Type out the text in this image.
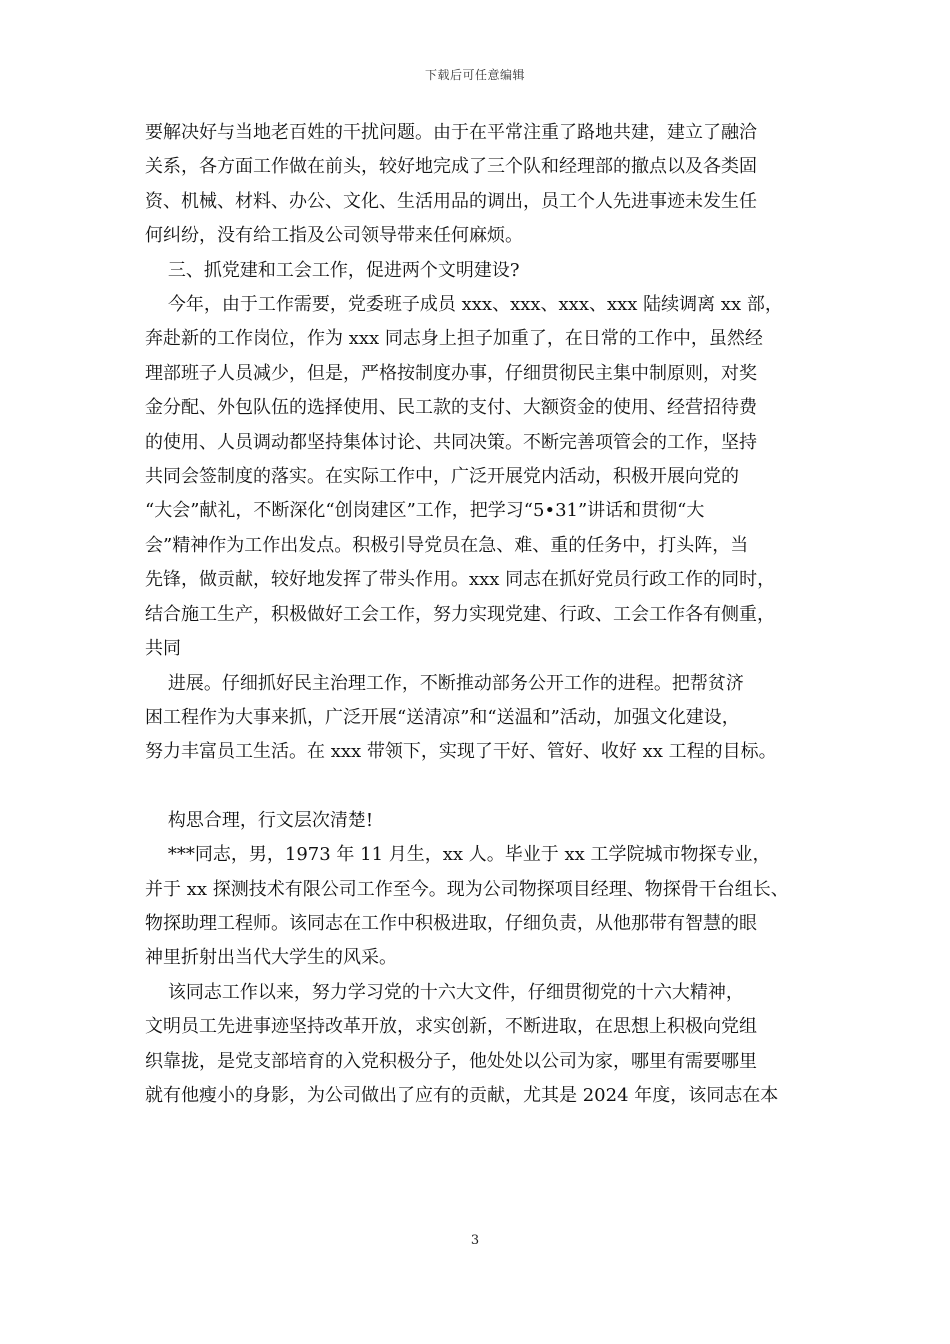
下载后可任意编辑

要解决好与当地老百姓的干扰问题。由于在平常注重了路地共建，建立了融洽

关系，各方面工作做在前头，较好地完成了三个队和经理部的撤点以及各类固

资、机械、材料、办公、文化、生活用品的调出，员工个人先进事迹未发生任

何纠纷，没有给工指及公司领导带来任何麻烦。

三、抓党建和工会工作，促进两个文明建设?

今年，由于工作需要，党委班子成员 xxx、xxx、xxx、xxx 陆续调离 xx 部，

奔赴新的工作岗位，作为 xxx 同志身上担子加重了，在日常的工作中，虽然经

理部班子人员减少，但是，严格按制度办事，仔细贯彻民主集中制原则，对奖

金分配、外包队伍的选择使用、民工款的支付、大额资金的使用、经营招待费

的使用、人员调动都坚持集体讨论、共同决策。不断完善项管会的工作，坚持

共同会签制度的落实。在实际工作中，广泛开展党内活动，积极开展向党的

“大会”献礼，不断深化“创岗建区”工作，把学习“5•31”讲话和贯彻“大

会”精神作为工作出发点。积极引导党员在急、难、重的任务中，打头阵，当

先锋，做贡献，较好地发挥了带头作用。xxx 同志在抓好党员行政工作的同时，

结合施工生产，积极做好工会工作，努力实现党建、行政、工会工作各有侧重，

共同

进展。仔细抓好民主治理工作，不断推动部务公开工作的进程。把帮贫济

困工程作为大事来抓，广泛开展“送清凉”和“送温和”活动，加强文化建设，

努力丰富员工生活。在 xxx 带领下，实现了干好、管好、收好 xx 工程的目标。

构思合理，行文层次清楚!

***同志，男，1973 年 11 月生，xx 人。毕业于 xx 工学院城市物探专业，

并于 xx 探测技术有限公司工作至今。现为公司物探项目经理、物探骨干台组长、

物探助理工程师。该同志在工作中积极进取，仔细负责，从他那带有智慧的眼

神里折射出当代大学生的风采。

该同志工作以来，努力学习党的十六大文件，仔细贯彻党的十六大精神，

文明员工先进事迹坚持改革开放，求实创新，不断进取，在思想上积极向党组

织靠拢，是党支部培育的入党积极分子，他处处以公司为家，哪里有需要哪里

就有他瘦小的身影，为公司做出了应有的贡献，尤其是 2024 年度，该同志在本

3
